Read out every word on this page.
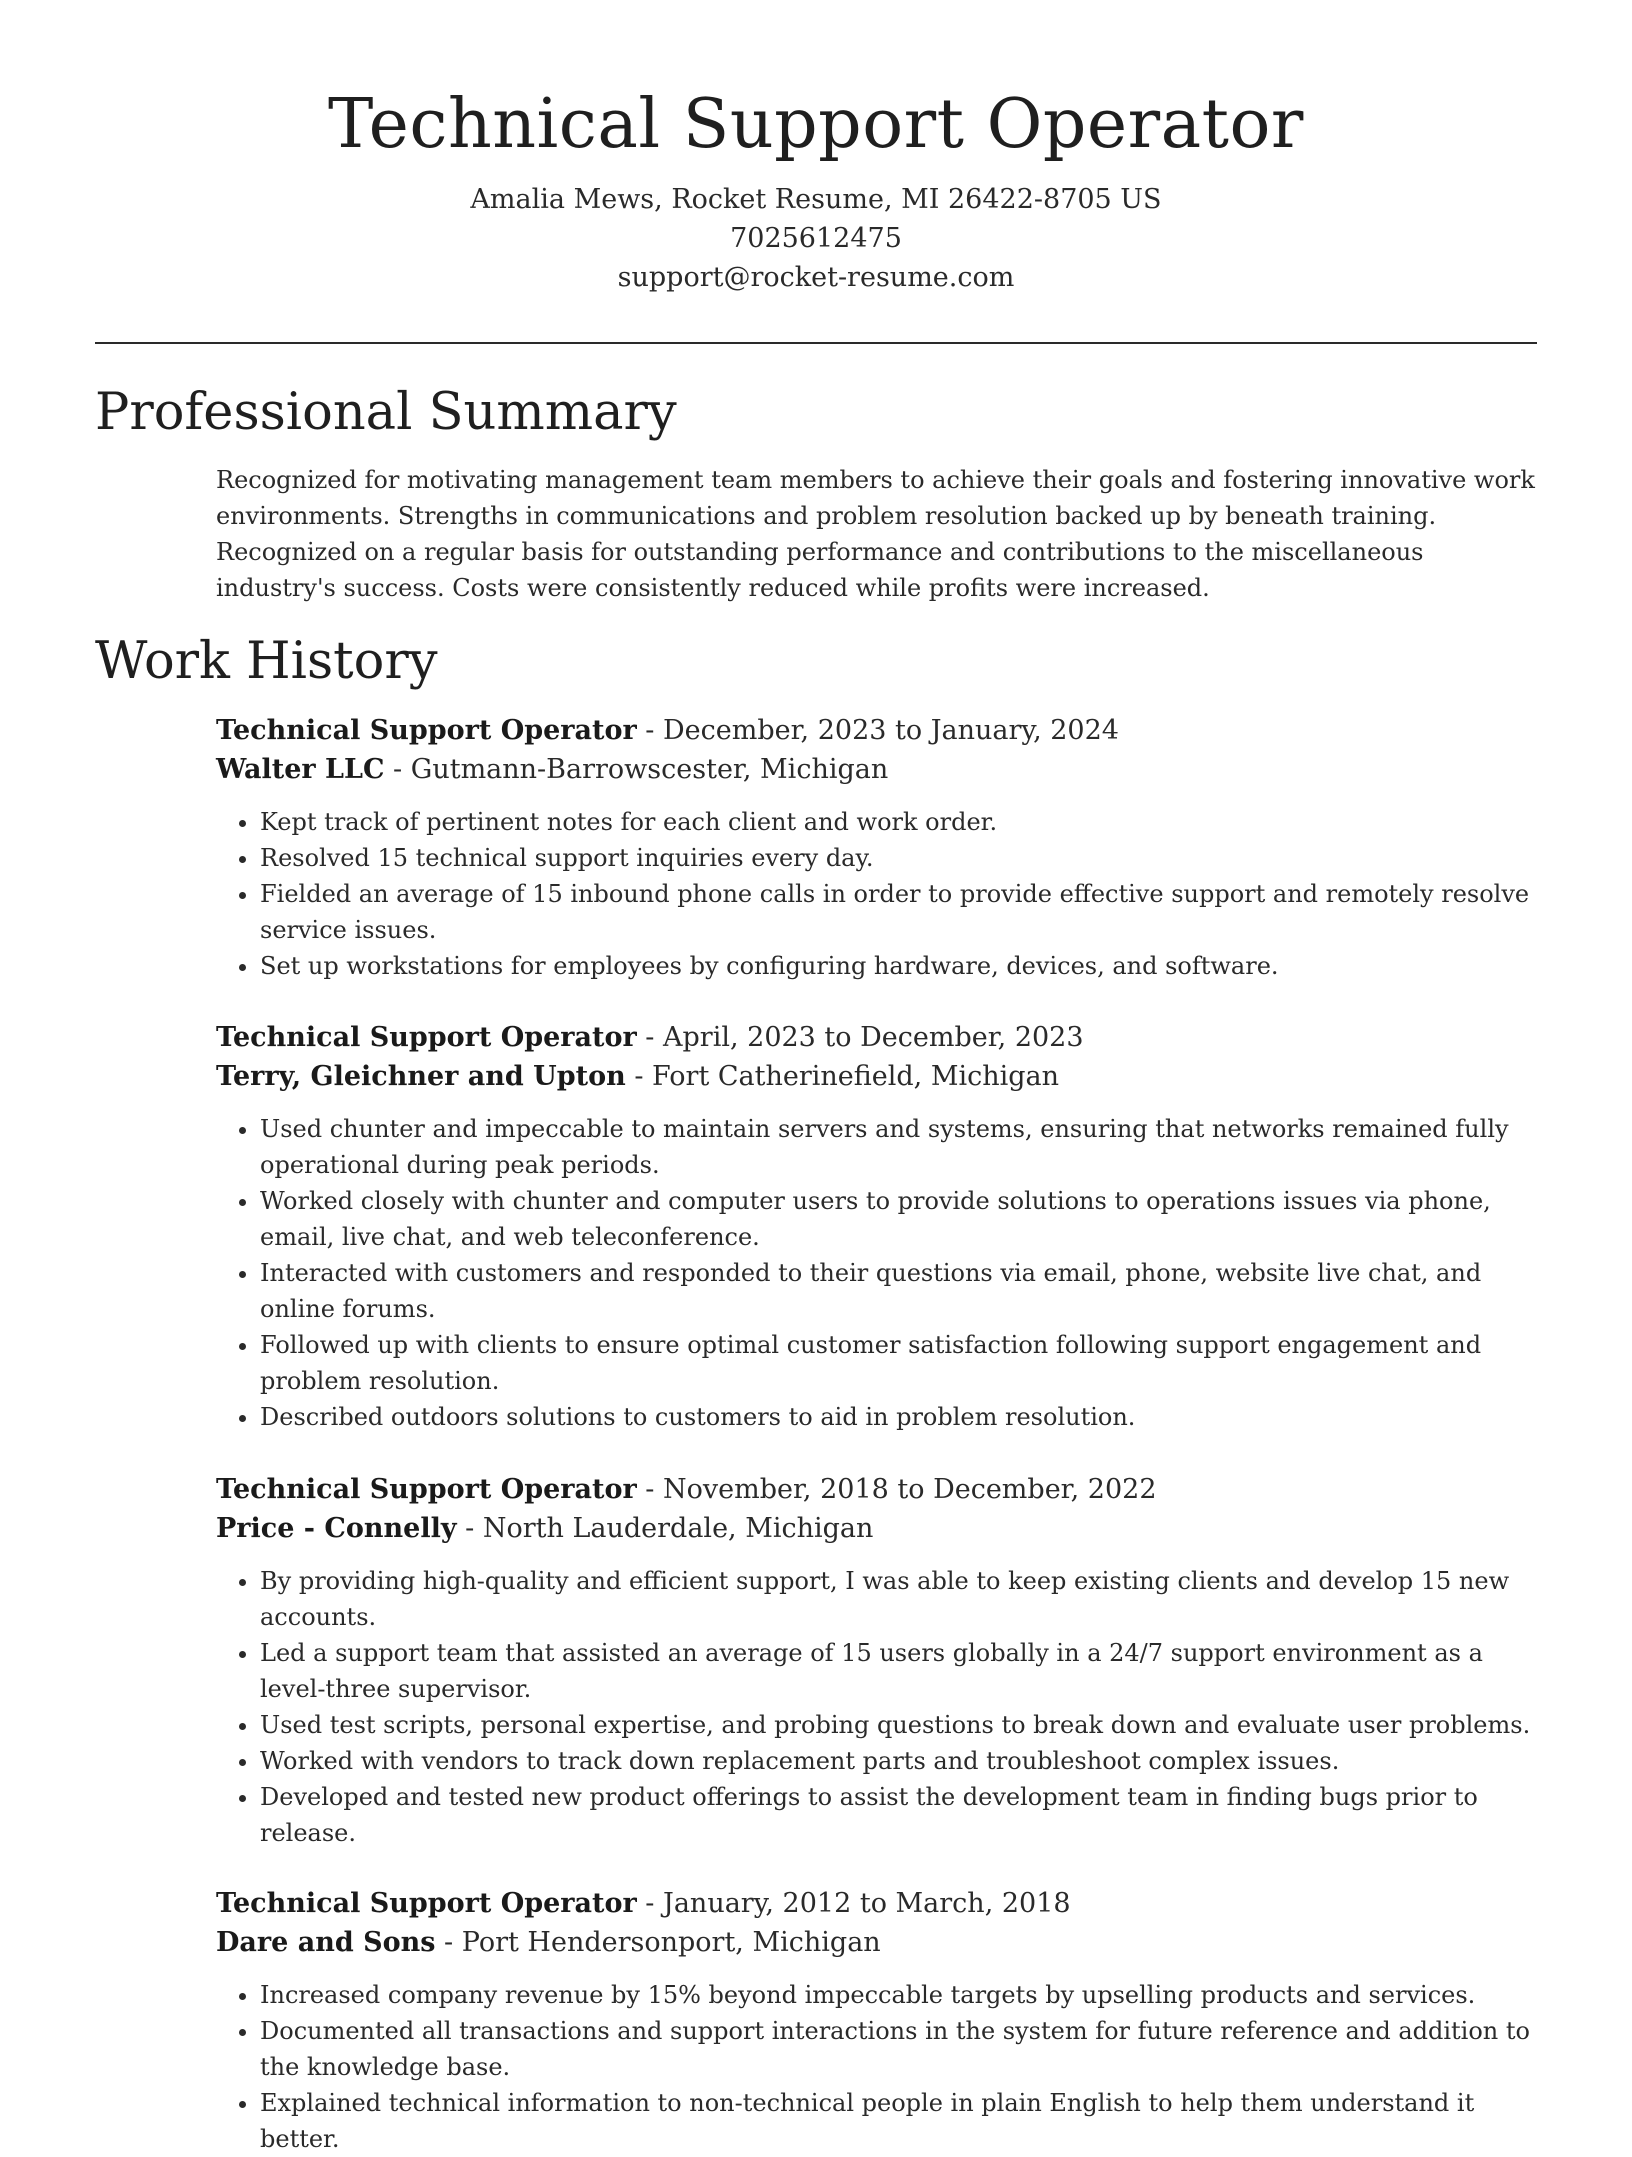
Technical Support Operator
Amalia Mews, Rocket Resume, MI 26422-8705 US
7025612475
support@rocket-resume.com
Professional Summary

Recognized for motivating management team members to achieve their goals and fostering innovative work environments. Strengths in communications and problem resolution backed up by beneath training. Recognized on a regular basis for outstanding performance and contributions to the miscellaneous industry's success. Costs were consistently reduced while profits were increased.

Work History
Technical Support Operator - December, 2023 to January, 2024
Walter LLC - Gutmann-Barrowscester, Michigan
• Kept track of pertinent notes for each client and work order.
• Resolved 15 technical support inquiries every day.
• Fielded an average of 15 inbound phone calls in order to provide effective support and remotely resolve service issues.
• Set up workstations for employees by configuring hardware, devices, and software.
Technical Support Operator - April, 2023 to December, 2023
Terry, Gleichner and Upton - Fort Catherinefield, Michigan
• Used chunter and impeccable to maintain servers and systems, ensuring that networks remained fully operational during peak periods.
• Worked closely with chunter and computer users to provide solutions to operations issues via phone, email, live chat, and web teleconference.
• Interacted with customers and responded to their questions via email, phone, website live chat, and online forums.
• Followed up with clients to ensure optimal customer satisfaction following support engagement and problem resolution.
• Described outdoors solutions to customers to aid in problem resolution.
Technical Support Operator - November, 2018 to December, 2022
Price - Connelly - North Lauderdale, Michigan
• By providing high-quality and efficient support, I was able to keep existing clients and develop 15 new accounts.
• Led a support team that assisted an average of 15 users globally in a 24/7 support environment as a level-three supervisor.
• Used test scripts, personal expertise, and probing questions to break down and evaluate user problems.
• Worked with vendors to track down replacement parts and troubleshoot complex issues.
• Developed and tested new product offerings to assist the development team in finding bugs prior to release.
Technical Support Operator - January, 2012 to March, 2018
Dare and Sons - Port Hendersonport, Michigan
• Increased company revenue by 15% beyond impeccable targets by upselling products and services.
• Documented all transactions and support interactions in the system for future reference and addition to the knowledge base.
• Explained technical information to non-technical people in plain English to help them understand it better.
